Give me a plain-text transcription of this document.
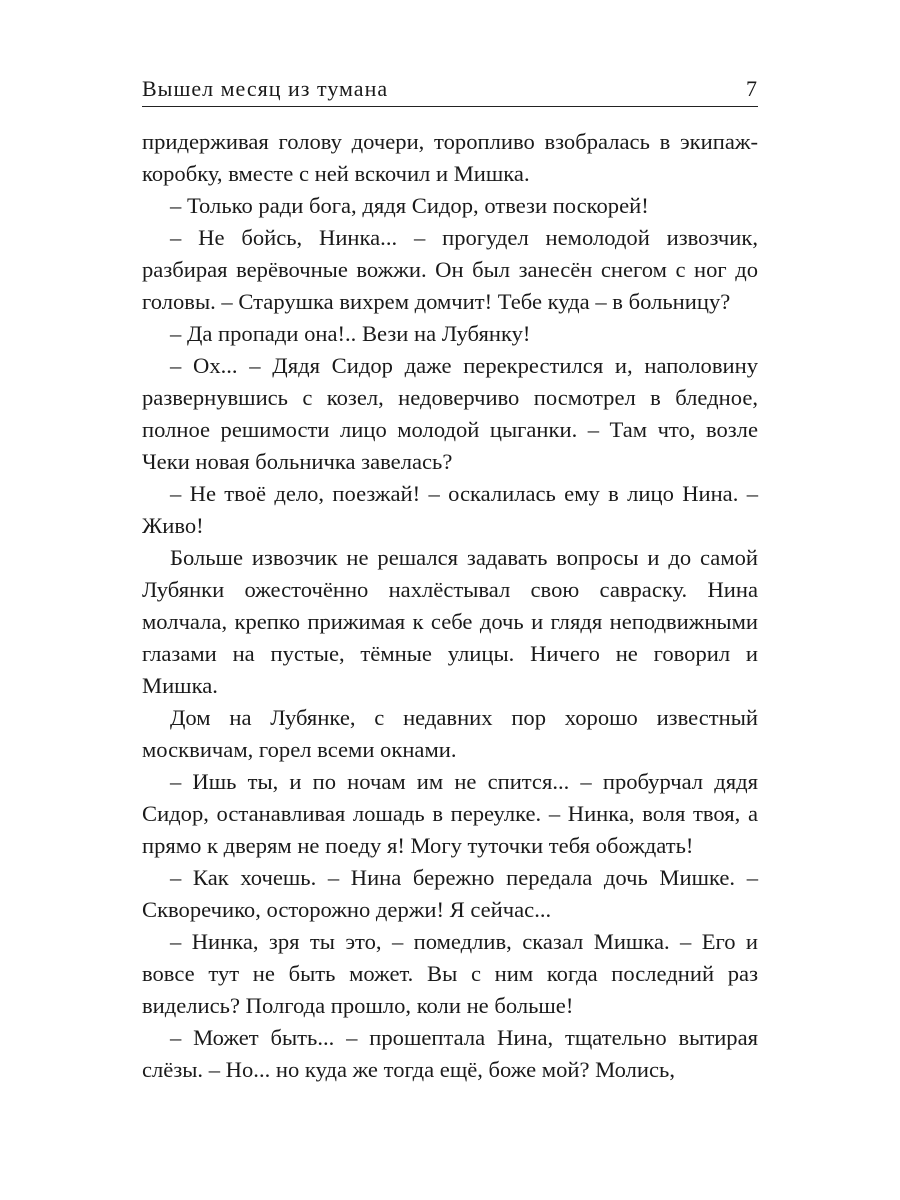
Вышел месяц из тумана	7

придерживая голову дочери, торопливо взобралась в экипаж-коробку, вместе с ней вскочил и Мишка.

– Только ради бога, дядя Сидор, отвези поскорей!

– Не бойсь, Нинка... – прогудел немолодой извозчик, разбирая верёвочные вожжи. Он был занесён снегом с ног до головы. – Старушка вихрем домчит! Тебе куда – в больницу?

– Да пропади она!.. Вези на Лубянку!

– Ох... – Дядя Сидор даже перекрестился и, наполовину развернувшись с козел, недоверчиво посмотрел в бледное, полное решимости лицо молодой цыганки. – Там что, возле Чеки новая больничка завелась?

– Не твоё дело, поезжай! – оскалилась ему в лицо Нина. – Живо!

Больше извозчик не решался задавать вопросы и до самой Лубянки ожесточённо нахлёстывал свою савраску. Нина молчала, крепко прижимая к себе дочь и глядя неподвижными глазами на пустые, тёмные улицы. Ничего не говорил и Мишка.

Дом на Лубянке, с недавних пор хорошо известный москвичам, горел всеми окнами.

– Ишь ты, и по ночам им не спится... – пробурчал дядя Сидор, останавливая лошадь в переулке. – Нинка, воля твоя, а прямо к дверям не поеду я! Могу туточки тебя обождать!

– Как хочешь. – Нина бережно передала дочь Мишке. – Скворечико, осторожно держи! Я сейчас...

– Нинка, зря ты это, – помедлив, сказал Мишка. – Его и вовсе тут не быть может. Вы с ним когда последний раз виделись? Полгода прошло, коли не больше!

– Может быть... – прошептала Нина, тщательно вытирая слёзы. – Но... но куда же тогда ещё, боже мой? Молись,
